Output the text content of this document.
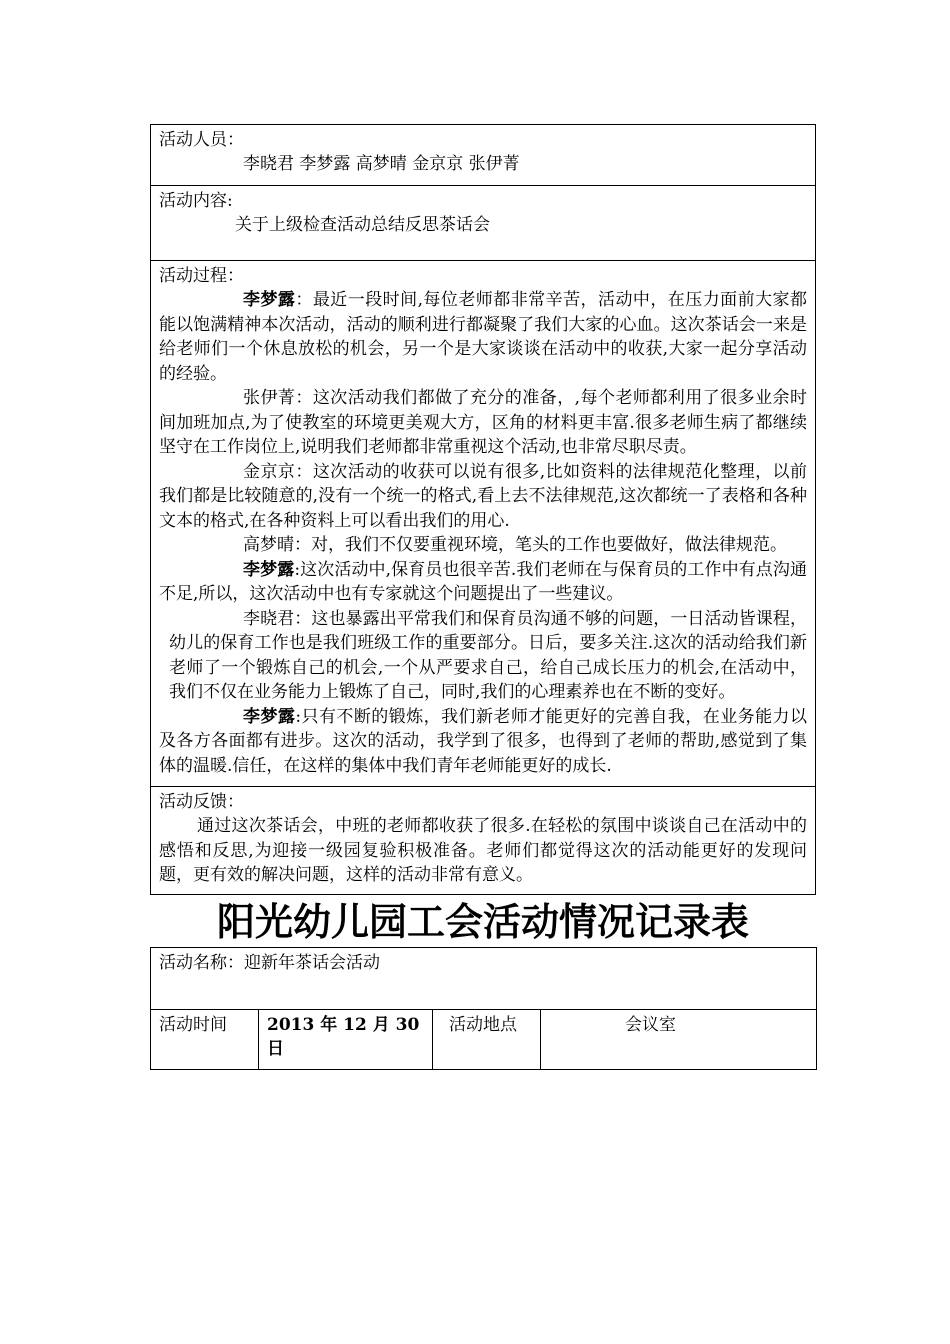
活动人员：
李晓君 李梦露 高梦晴 金京京 张伊菁

活动内容:
关于上级检查活动总结反思茶话会

活动过程：

李梦露：最近一段时间,每位老师都非常辛苦，活动中，在压力面前大家都能以饱满精神本次活动，活动的顺利进行都凝聚了我们大家的心血。这次茶话会一来是给老师们一个休息放松的机会，另一个是大家谈谈在活动中的收获,大家一起分享活动的经验。

张伊菁：这次活动我们都做了充分的准备，,每个老师都利用了很多业余时间加班加点,为了使教室的环境更美观大方，区角的材料更丰富.很多老师生病了都继续坚守在工作岗位上,说明我们老师都非常重视这个活动,也非常尽职尽责。

金京京：这次活动的收获可以说有很多,比如资料的法律规范化整理，以前我们都是比较随意的,没有一个统一的格式,看上去不法律规范,这次都统一了表格和各种文本的格式,在各种资料上可以看出我们的用心.

高梦晴：对，我们不仅要重视环境，笔头的工作也要做好，做法律规范。

李梦露:这次活动中,保育员也很辛苦.我们老师在与保育员的工作中有点沟通不足,所以，这次活动中也有专家就这个问题提出了一些建议。

李晓君：这也暴露出平常我们和保育员沟通不够的问题，一日活动皆课程，幼儿的保育工作也是我们班级工作的重要部分。日后，要多关注.这次的活动给我们新老师了一个锻炼自己的机会,一个从严要求自己，给自己成长压力的机会,在活动中，我们不仅在业务能力上锻炼了自己，同时,我们的心理素养也在不断的变好。

李梦露:只有不断的锻炼，我们新老师才能更好的完善自我，在业务能力以及各方各面都有进步。这次的活动，我学到了很多，也得到了老师的帮助,感觉到了集体的温暖.信任，在这样的集体中我们青年老师能更好的成长.

活动反馈：

通过这次茶话会，中班的老师都收获了很多.在轻松的氛围中谈谈自己在活动中的感悟和反思,为迎接一级园复验积极准备。老师们都觉得这次的活动能更好的发现问题，更有效的解决问题，这样的活动非常有意义。

阳光幼儿园工会活动情况记录表
活动名称：迎新年茶话会活动
活动时间	2013 年 12 月 30 日	活动地点	会议室
